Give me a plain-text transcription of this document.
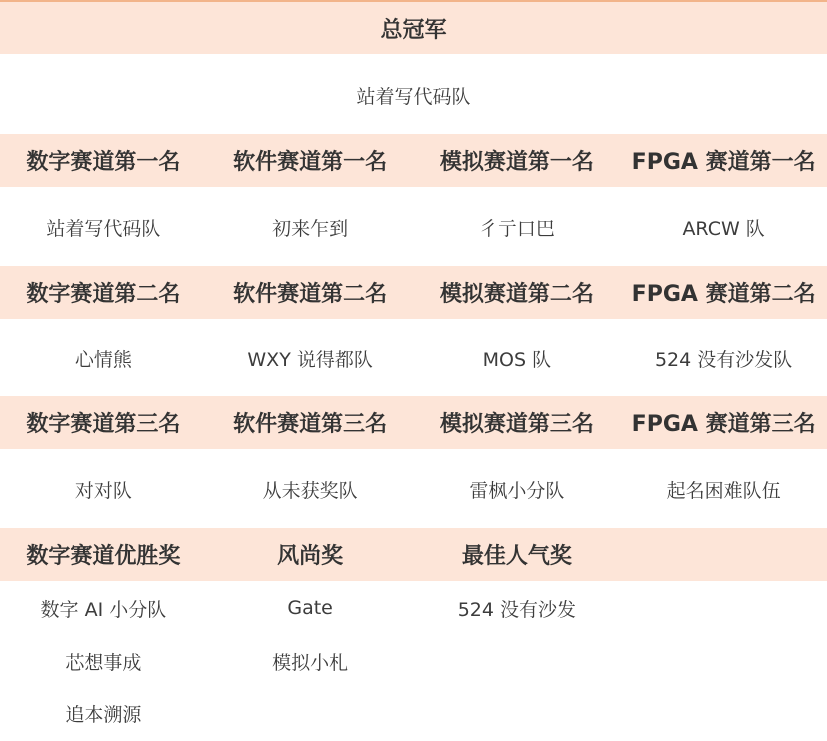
总冠军
站着写代码队
数字赛道第一名	软件赛道第一名	模拟赛道第一名	FPGA 赛道第一名
站着写代码队	初来乍到	彳亍口巴	ARCW 队
数字赛道第二名	软件赛道第二名	模拟赛道第二名	FPGA 赛道第二名
心情熊	WXY 说得都队	MOS 队	524 没有沙发队
数字赛道第三名	软件赛道第三名	模拟赛道第三名	FPGA 赛道第三名
对对队	从未获奖队	雷枫小分队	起名困难队伍
数字赛道优胜奖	风尚奖	最佳人气奖
数字 AI 小分队	Gate	524 没有沙发
芯想事成	模拟小札
追本溯源
